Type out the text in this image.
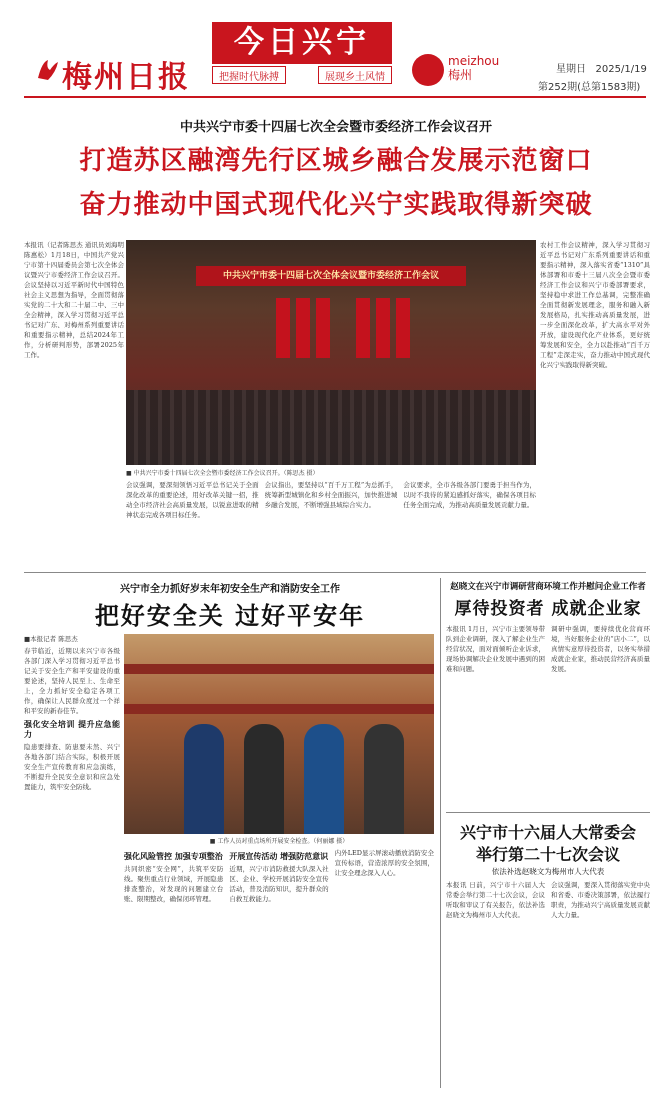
梅州日报
今日兴宁
把握时代脉搏	展现乡土风情
meizhou
梅州	星期日 2025/1/19
第252期(总第1583期)
中共兴宁市委十四届七次全会暨市委经济工作会议召开
打造苏区融湾先行区城乡融合发展示范窗口
奋力推动中国式现代化兴宁实践取得新突破
本报讯（记者陈思杰 通讯员刘海明 陈惠松）1月18日，中国共产党兴宁市第十四届委员会第七次全体会议暨兴宁市委经济工作会议召开。会议坚持以习近平新时代中国特色社会主义思想为指导，全面贯彻落实党的二十大和二十届二中、三中全会精神，深入学习贯彻习近平总书记对广东、对梅州系列重要讲话和重要指示精神，总结2024年工作，分析研判形势，部署2025年工作。
中共兴宁市委十四届七次全体会议暨市委经济工作会议
■ 中共兴宁市委十四届七次全会暨市委经济工作会议召开。（陈思杰 摄）
会议强调，要深刻领悟习近平总书记关于全面深化改革的重要论述，用好改革关键一招，推动全市经济社会高质量发展，以锐意进取的精神状态完成各项目标任务。
会议指出，要坚持以“百千万工程”为总抓手，统筹新型城镇化和乡村全面振兴，加快推进城乡融合发展，不断增强县域综合实力。
会议要求，全市各级各部门要勇于担当作为，以时不我待的紧迫感抓好落实，确保各项目标任务全面完成，为推动高质量发展贡献力量。
农村工作会议精神，深入学习贯彻习近平总书记对广东系列重要讲话和重要指示精神，深入落实省委“1310”具体部署和市委十三届八次全会暨市委经济工作会议和兴宁市委部署要求，坚持稳中求进工作总基调，完整准确全面贯彻新发展理念，服务和融入新发展格局，扎实推动高质量发展，进一步全面深化改革，扩大高水平对外开放，建设现代化产业体系，更好统筹发展和安全，全力以赴推动“百千万工程”走深走实，奋力推动中国式现代化兴宁实践取得新突破。
兴宁市全力抓好岁末年初安全生产和消防安全工作
把好安全关 过好平安年
■本报记者 陈思杰
春节临近，近期以来兴宁市各级各部门深入学习贯彻习近平总书记关于安全生产和平安建设的重要论述，坚持人民至上、生命至上，全力抓好安全稳定各项工作，确保让人民群众度过一个祥和平安的新春佳节。
强化安全培训 提升应急能力
隐患要排查、防患要未然、兴宁各地各部门结合实际，积极开展安全生产宣传教育和应急演练，不断提升全民安全意识和应急处置能力，筑牢安全防线。
■ 工作人员对重点场所开展安全检查。（何丽娜 摄）
强化风险管控 加强专项整治
共同织密“安全网”，共筑平安防线。聚焦重点行业领域，开展隐患排查整治，对发现的问题建立台账、限期整改，确保闭环管理。
开展宣传活动 增强防范意识
近期，兴宁市消防救援大队深入社区、企业、学校开展消防安全宣传活动，普及消防知识，提升群众的自救互救能力。
内外LED显示屏滚动播放消防安全宣传标语，营造浓厚的安全氛围，让安全理念深入人心。
赵晓文在兴宁市调研营商环境工作并慰问企业工作者
厚待投资者 成就企业家
本报讯 1月日，兴宁市主要领导带队到企业调研，深入了解企业生产经营状况，面对面倾听企业诉求，现场协调解决企业发展中遇到的困难和问题。
调研中强调，要持续优化营商环境，当好服务企业的“店小二”，以真情实意厚待投资者，以务实举措成就企业家，推动民营经济高质量发展。
兴宁市十六届人大常委会
举行第二十七次会议
依法补选赵晓文为梅州市人大代表
本报讯 日前，兴宁市十六届人大常委会举行第二十七次会议，会议听取和审议了有关报告，依法补选赵晓文为梅州市人大代表。
会议强调，要深入贯彻落实党中央和省委、市委决策部署，依法履行职责，为推动兴宁高质量发展贡献人大力量。
